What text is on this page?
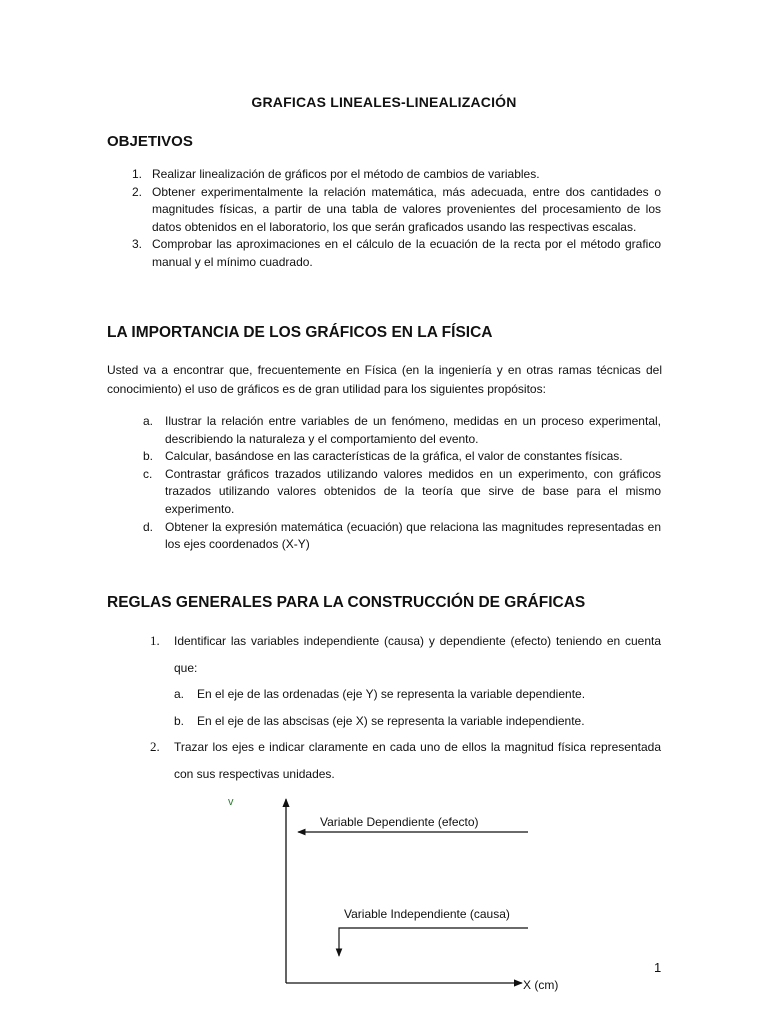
GRAFICAS LINEALES-LINEALIZACIÓN
OBJETIVOS
1. Realizar linealización de gráficos por el método de cambios de variables.
2. Obtener experimentalmente la relación matemática, más adecuada, entre dos cantidades o magnitudes físicas, a partir de una tabla de valores provenientes del procesamiento de los datos obtenidos en el laboratorio, los que serán graficados usando las respectivas escalas.
3. Comprobar las aproximaciones en el cálculo de la ecuación de la recta por el método grafico manual y el mínimo cuadrado.
LA IMPORTANCIA DE LOS GRÁFICOS EN LA FÍSICA
Usted va a encontrar que, frecuentemente en Física (en la ingeniería y en otras ramas técnicas del conocimiento) el uso de gráficos es de gran utilidad para los siguientes propósitos:
a. Ilustrar la relación entre variables de un fenómeno, medidas en un proceso experimental, describiendo la naturaleza y el comportamiento del evento.
b. Calcular, basándose en las características de la gráfica, el valor de constantes físicas.
c. Contrastar gráficos trazados utilizando valores medidos en un experimento, con gráficos trazados utilizando valores obtenidos de la teoría que sirve de base para el mismo experimento.
d. Obtener la expresión matemática (ecuación) que relaciona las magnitudes representadas en los ejes coordenados (X-Y)
REGLAS GENERALES PARA LA CONSTRUCCIÓN DE GRÁFICAS
1. Identificar las variables independiente (causa) y dependiente (efecto) teniendo en cuenta que:
a. En el eje de las ordenadas (eje Y) se representa la variable dependiente.
b. En el eje de las abscisas (eje X) se representa la variable independiente.
2. Trazar los ejes e indicar claramente en cada uno de ellos la magnitud física representada con sus respectivas unidades.
v
Variable Dependiente (efecto)
Variable Independiente (causa)
X (cm)
1
